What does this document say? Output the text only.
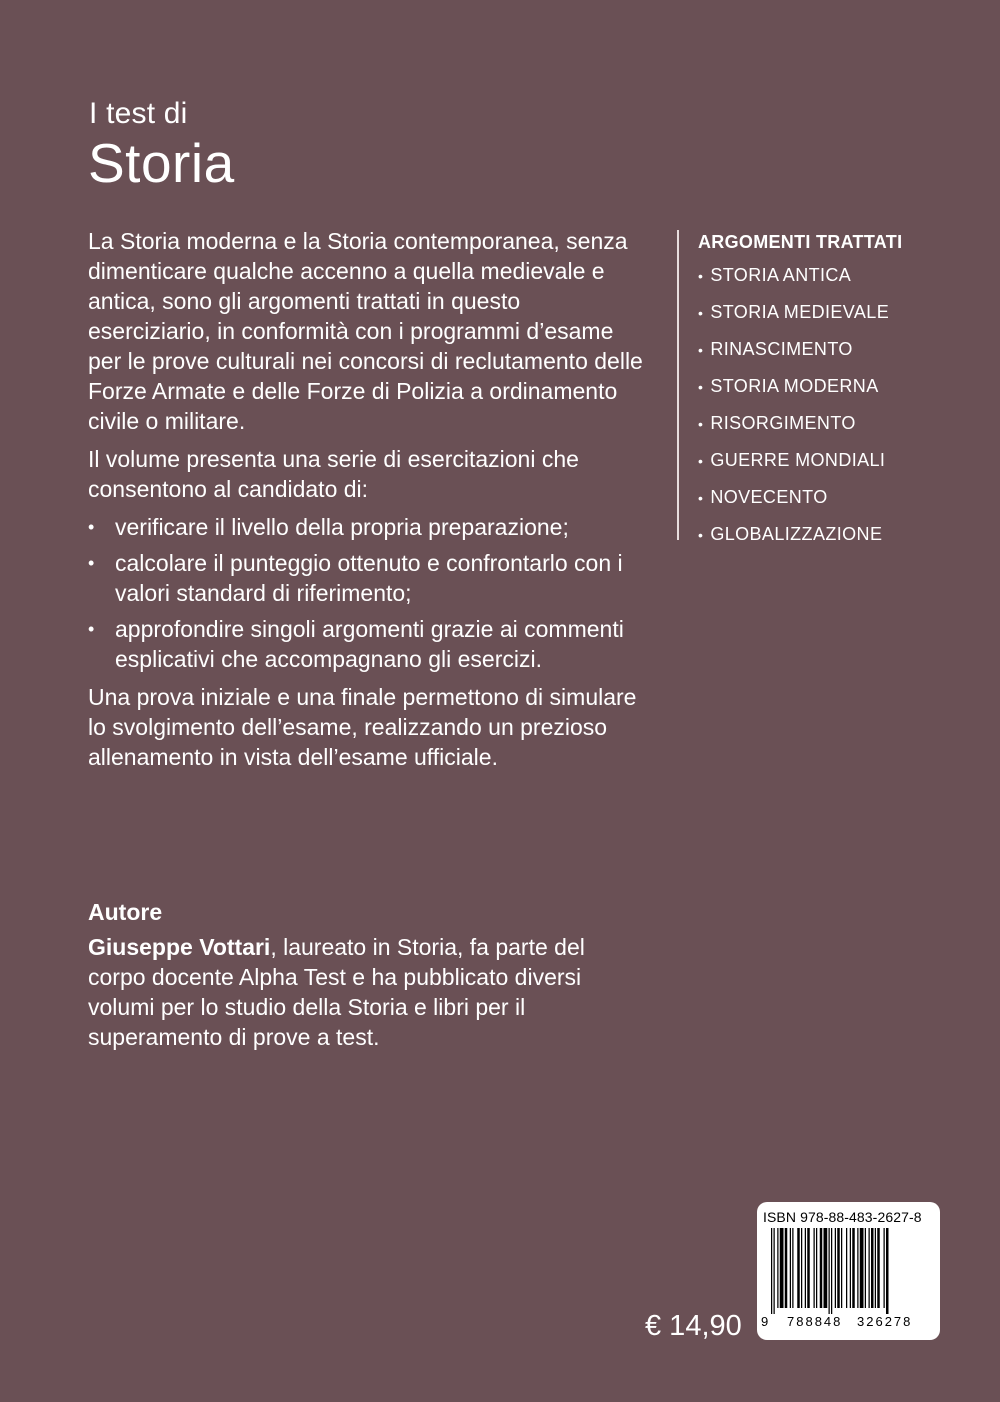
I test di
Storia

La Storia moderna e la Storia contemporanea, senza dimenticare qualche accenno a quella medievale e antica, sono gli argomenti trattati in questo eserciziario, in conformità con i programmi d’esame per le prove culturali nei concorsi di reclutamento delle Forze Armate e delle Forze di Polizia a ordinamento civile o militare.

Il volume presenta una serie di esercitazioni che consentono al candidato di:

• verificare il livello della propria preparazione;
• calcolare il punteggio ottenuto e confrontarlo con i valori standard di riferimento;
• approfondire singoli argomenti grazie ai commenti esplicativi che accompagnano gli esercizi.

Una prova iniziale e una finale permettono di simulare lo svolgimento dell’esame, realizzando un prezioso allenamento in vista dell’esame ufficiale.

Autore

Giuseppe Vottari, laureato in Storia, fa parte del corpo docente Alpha Test e ha pubblicato diversi volumi per lo studio della Storia e libri per il superamento di prove a test.

ARGOMENTI TRATTATI
• STORIA ANTICA
• STORIA MEDIEVALE
• RINASCIMENTO
• STORIA MODERNA
• RISORGIMENTO
• GUERRE MONDIALI
• NOVECENTO
• GLOBALIZZAZIONE
€ 14,90
ISBN 978-88-483-2627-8
9 788848 326278
